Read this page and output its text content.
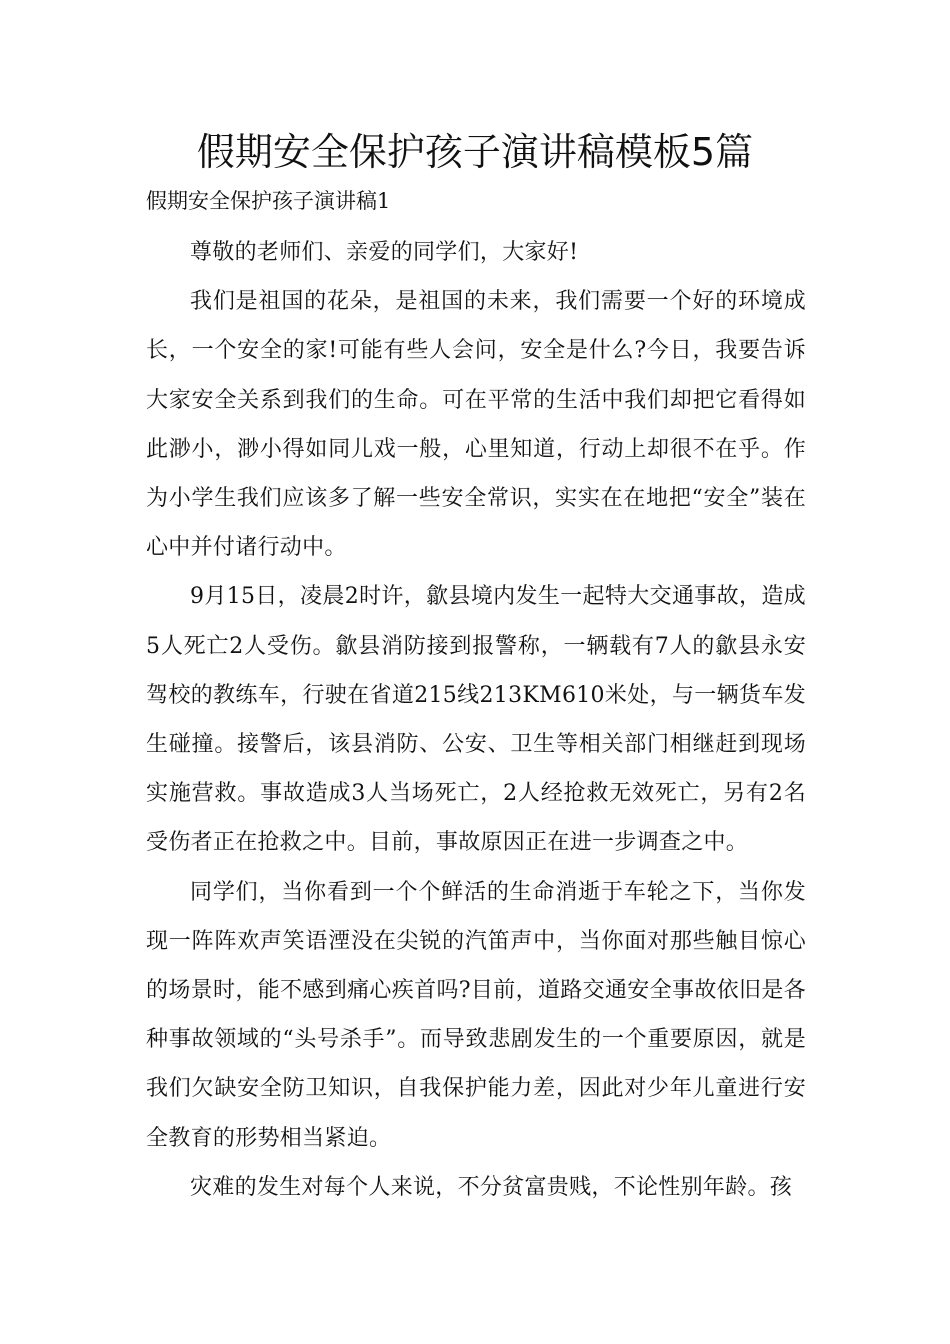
假期安全保护孩子演讲稿模板5篇
假期安全保护孩子演讲稿1

尊敬的老师们、亲爱的同学们，大家好!

我们是祖国的花朵，是祖国的未来，我们需要一个好的环境成长，一个安全的家!可能有些人会问，安全是什么?今日，我要告诉大家安全关系到我们的生命。可在平常的生活中我们却把它看得如此渺小，渺小得如同儿戏一般，心里知道，行动上却很不在乎。作为小学生我们应该多了解一些安全常识，实实在在地把“安全”装在心中并付诸行动中。

9月15日，凌晨2时许，歙县境内发生一起特大交通事故，造成5人死亡2人受伤。歙县消防接到报警称，一辆载有7人的歙县永安驾校的教练车，行驶在省道215线213KM610米处，与一辆货车发生碰撞。接警后，该县消防、公安、卫生等相关部门相继赶到现场实施营救。事故造成3人当场死亡，2人经抢救无效死亡，另有2名受伤者正在抢救之中。目前，事故原因正在进一步调查之中。

同学们，当你看到一个个鲜活的生命消逝于车轮之下，当你发现一阵阵欢声笑语湮没在尖锐的汽笛声中，当你面对那些触目惊心的场景时，能不感到痛心疾首吗?目前，道路交通安全事故依旧是各种事故领域的“头号杀手”。而导致悲剧发生的一个重要原因，就是我们欠缺安全防卫知识，自我保护能力差，因此对少年儿童进行安全教育的形势相当紧迫。

灾难的发生对每个人来说，不分贫富贵贱，不论性别年龄。孩
